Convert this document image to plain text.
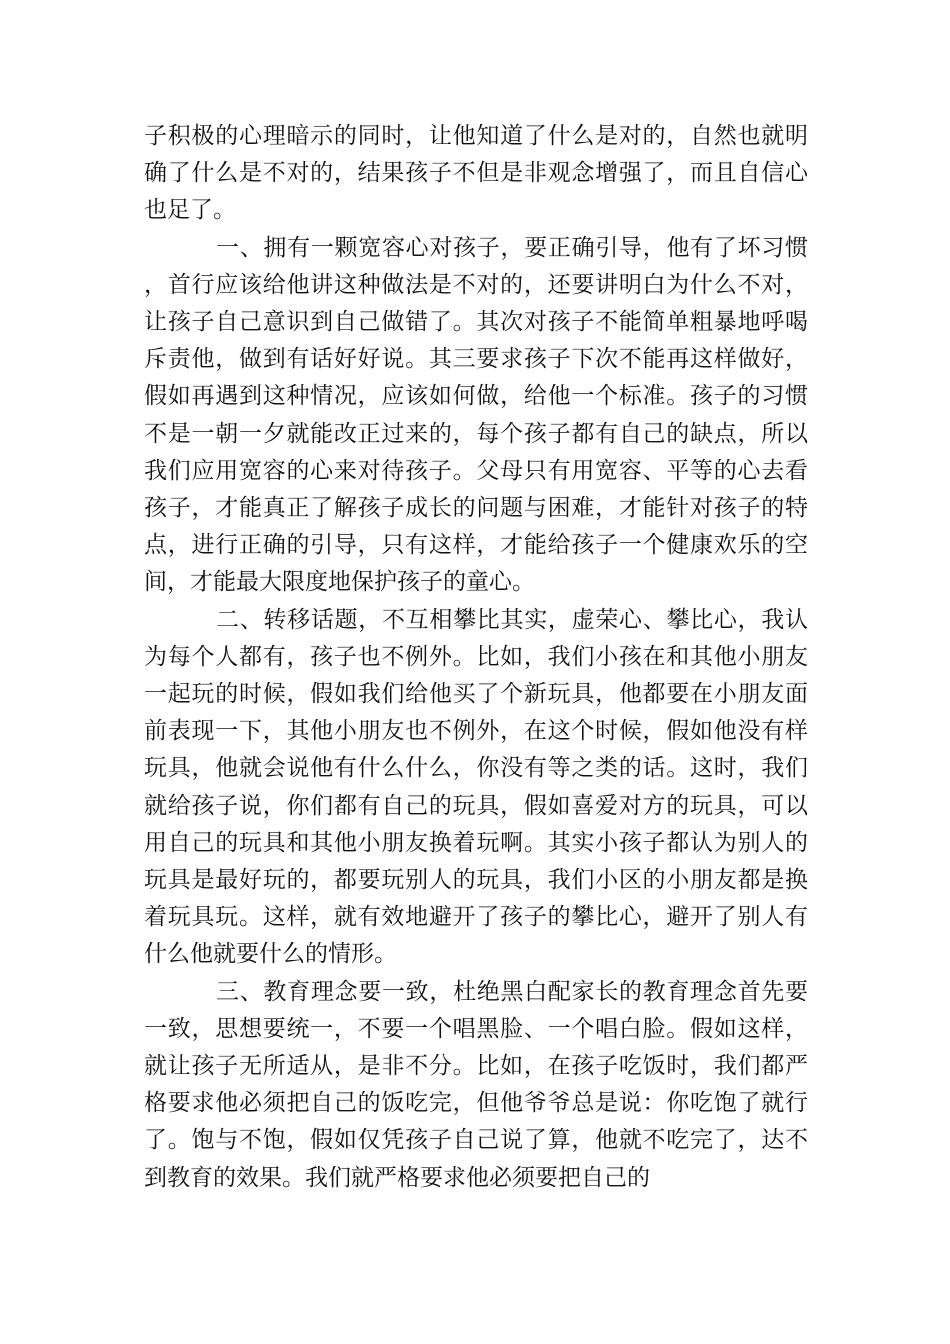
子积极的心理暗示的同时，让他知道了什么是对的，自然也就明确了什么是不对的，结果孩子不但是非观念增强了，而且自信心也足了。

一、拥有一颗宽容心对孩子，要正确引导，他有了坏习惯，首行应该给他讲这种做法是不对的，还要讲明白为什么不对，让孩子自己意识到自己做错了。其次对孩子不能简单粗暴地呼喝斥责他，做到有话好好说。其三要求孩子下次不能再这样做好，假如再遇到这种情况，应该如何做，给他一个标准。孩子的习惯不是一朝一夕就能改正过来的，每个孩子都有自己的缺点，所以我们应用宽容的心来对待孩子。父母只有用宽容、平等的心去看孩子，才能真正了解孩子成长的问题与困难，才能针对孩子的特点，进行正确的引导，只有这样，才能给孩子一个健康欢乐的空间，才能最大限度地保护孩子的童心。

二、转移话题，不互相攀比其实，虚荣心、攀比心，我认为每个人都有，孩子也不例外。比如，我们小孩在和其他小朋友一起玩的时候，假如我们给他买了个新玩具，他都要在小朋友面前表现一下，其他小朋友也不例外，在这个时候，假如他没有样玩具，他就会说他有什么什么，你没有等之类的话。这时，我们就给孩子说，你们都有自己的玩具，假如喜爱对方的玩具，可以用自己的玩具和其他小朋友换着玩啊。其实小孩子都认为别人的玩具是最好玩的，都要玩别人的玩具，我们小区的小朋友都是换着玩具玩。这样，就有效地避开了孩子的攀比心，避开了别人有什么他就要什么的情形。

三、教育理念要一致，杜绝黑白配家长的教育理念首先要一致，思想要统一，不要一个唱黑脸、一个唱白脸。假如这样，就让孩子无所适从，是非不分。比如，在孩子吃饭时，我们都严格要求他必须把自己的饭吃完，但他爷爷总是说：你吃饱了就行了。饱与不饱，假如仅凭孩子自己说了算，他就不吃完了，达不到教育的效果。我们就严格要求他必须要把自己的
